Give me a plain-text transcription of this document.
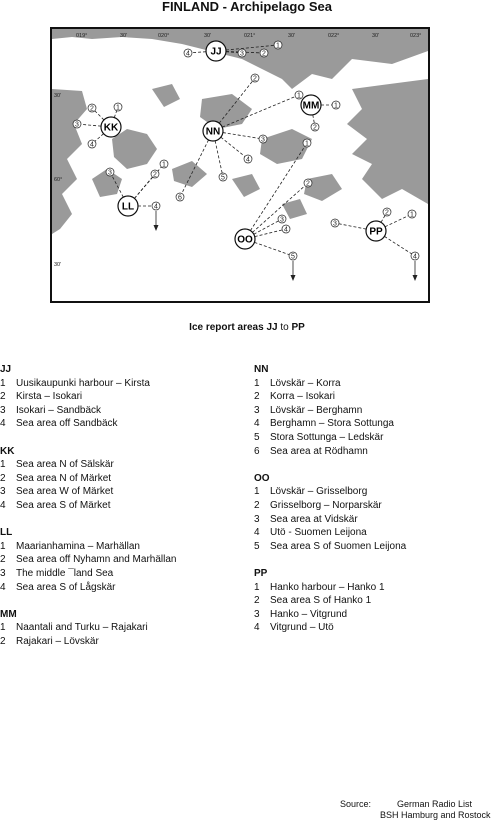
FINLAND - Archipelago Sea
019°	30'	020°	30'	021°	30'	022°	30'	023°
30'
60°
30'
1
2
3
4 JJ
1
2
3
4
KK
1
2
3
4
LL
1
2
MM
1
2
3
4
5
6
NN
1
2
3
4
5
OO
1
2
3
4
PP
Ice report areas JJ to PP
JJ
1	Uusikaupunki harbour – Kirsta
2	Kirsta – Isokari
3	Isokari – Sandbäck
4	Sea area off Sandbäck
KK
1	Sea area N of Sälskär
2	Sea area N of Märket
3	Sea area W of Märket
4	Sea area S of Märket
LL
1	Maarianhamina – Marhällan
2	Sea area off Nyhamn and Marhällan
3	The middle ¯land Sea
4	Sea area S of Lågskär
MM
1	Naantali and Turku – Rajakari
2	Rajakari – Lövskär
NN
1	Lövskär – Korra
2	Korra – Isokari
3	Lövskär – Berghamn
4	Berghamn – Stora Sottunga
5	Stora Sottunga – Ledskär
6	Sea area at Rödhamn
OO
1	Lövskär – Grisselborg
2	Grisselborg – Norparskär
3	Sea area at Vidskär
4	Utö - Suomen Leijona
5	Sea area S of Suomen Leijona
PP
1	Hanko harbour – Hanko 1
2	Sea area S of Hanko 1
3	Hanko – Vitgrund
4	Vitgrund – Utö
Source:	German Radio List
BSH Hamburg and Rostock
